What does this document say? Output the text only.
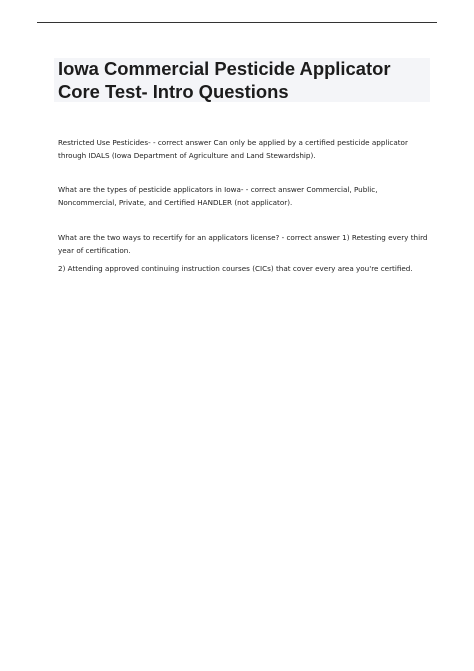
Iowa Commercial Pesticide Applicator
Core Test- Intro Questions

Restricted Use Pesticides- - correct answer Can only be applied by a certified pesticide applicator
through IDALS (Iowa Department of Agriculture and Land Stewardship).

What are the types of pesticide applicators in Iowa- - correct answer Commercial, Public,
Noncommercial, Private, and Certified HANDLER (not applicator).

What are the two ways to recertify for an applicators license? - correct answer 1) Retesting every third
year of certification.

2) Attending approved continuing instruction courses (CICs) that cover every area you're certified.
